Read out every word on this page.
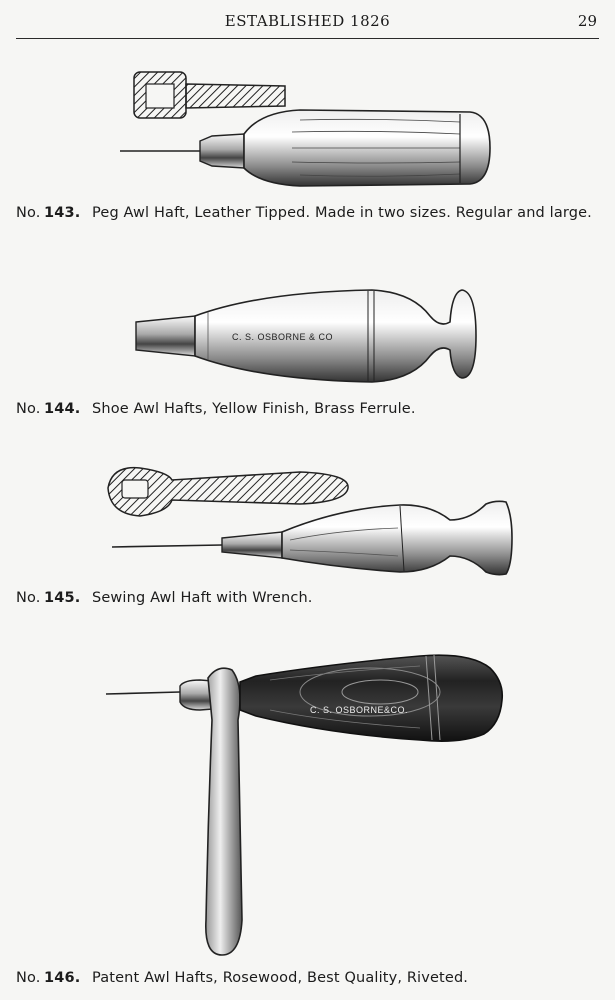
ESTABLISHED 1826	29
No. 143. Peg Awl Haft, Leather Tipped. Made in two sizes. Regular and large.
C. S. OSBORNE & CO
No. 144. Shoe Awl Hafts, Yellow Finish, Brass Ferrule.
No. 145. Sewing Awl Haft with Wrench.
C. S. OSBORNE&CO.
No. 146. Patent Awl Hafts, Rosewood, Best Quality, Riveted.
